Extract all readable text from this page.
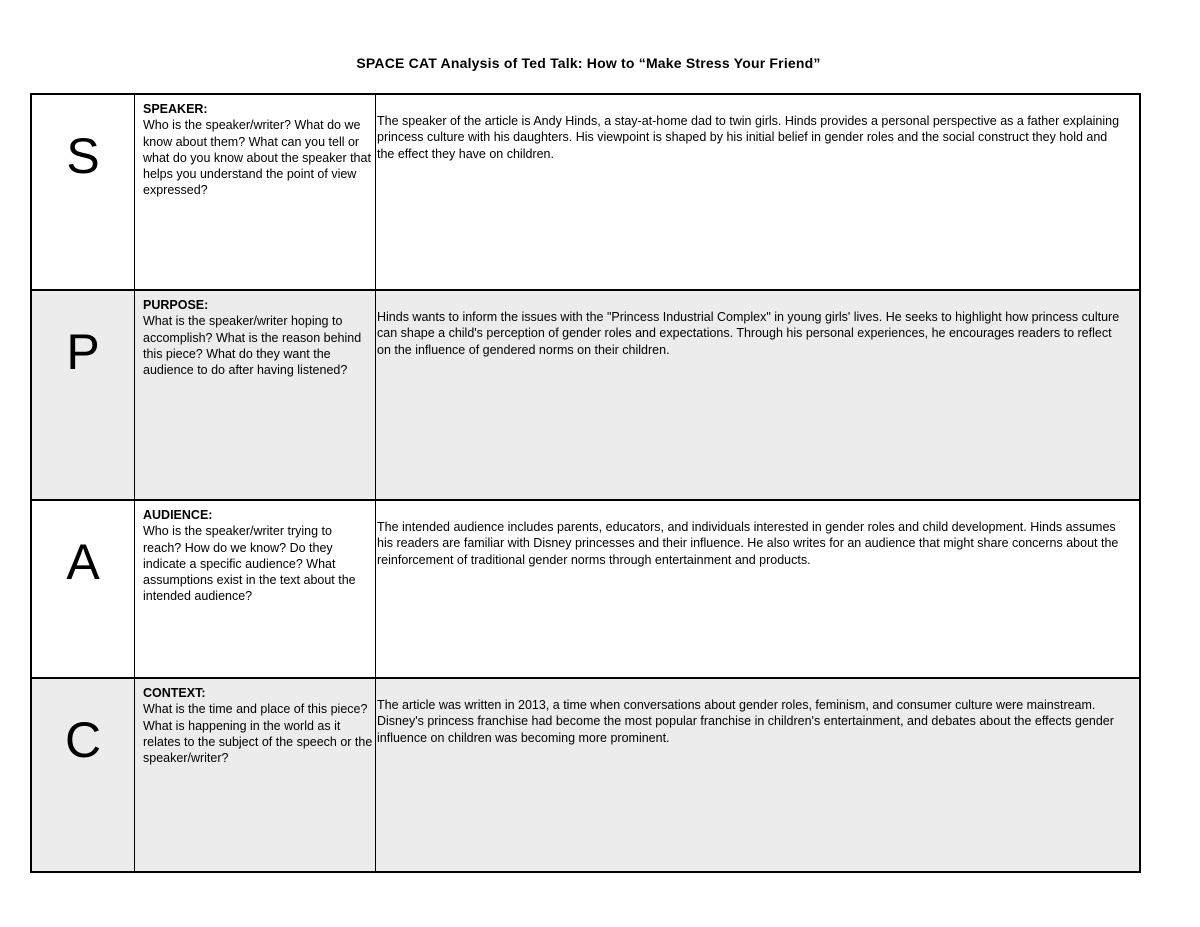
SPACE CAT Analysis of Ted Talk: How to “Make Stress Your Friend”
S
SPEAKER:
Who is the speaker/writer? What do we know about them? What can you tell or what do you know about the speaker that helps you understand the point of view expressed?
The speaker of the article is Andy Hinds, a stay-at-home dad to twin girls. Hinds provides a personal perspective as a father explaining princess culture with his daughters. His viewpoint is shaped by his initial belief in gender roles and the social construct they hold and the effect they have on children.
P
PURPOSE:
What is the speaker/writer hoping to accomplish? What is the reason behind this piece? What do they want the audience to do after having listened?
Hinds wants to inform the issues with the "Princess Industrial Complex" in young girls' lives. He seeks to highlight how princess culture can shape a child's perception of gender roles and expectations. Through his personal experiences, he encourages readers to reflect on the influence of gendered norms on their children.
A
AUDIENCE:
Who is the speaker/writer trying to reach? How do we know? Do they indicate a specific audience? What assumptions exist in the text about the intended audience?
The intended audience includes parents, educators, and individuals interested in gender roles and child development. Hinds assumes his readers are familiar with Disney princesses and their influence. He also writes for an audience that might share concerns about the reinforcement of traditional gender norms through entertainment and products.
C
CONTEXT:
What is the time and place of this piece? What is happening in the world as it relates to the subject of the speech or the speaker/writer?
The article was written in 2013, a time when conversations about gender roles, feminism, and consumer culture were mainstream. Disney's princess franchise had become the most popular franchise in children's entertainment, and debates about the effects gender influence on children was becoming more prominent.
